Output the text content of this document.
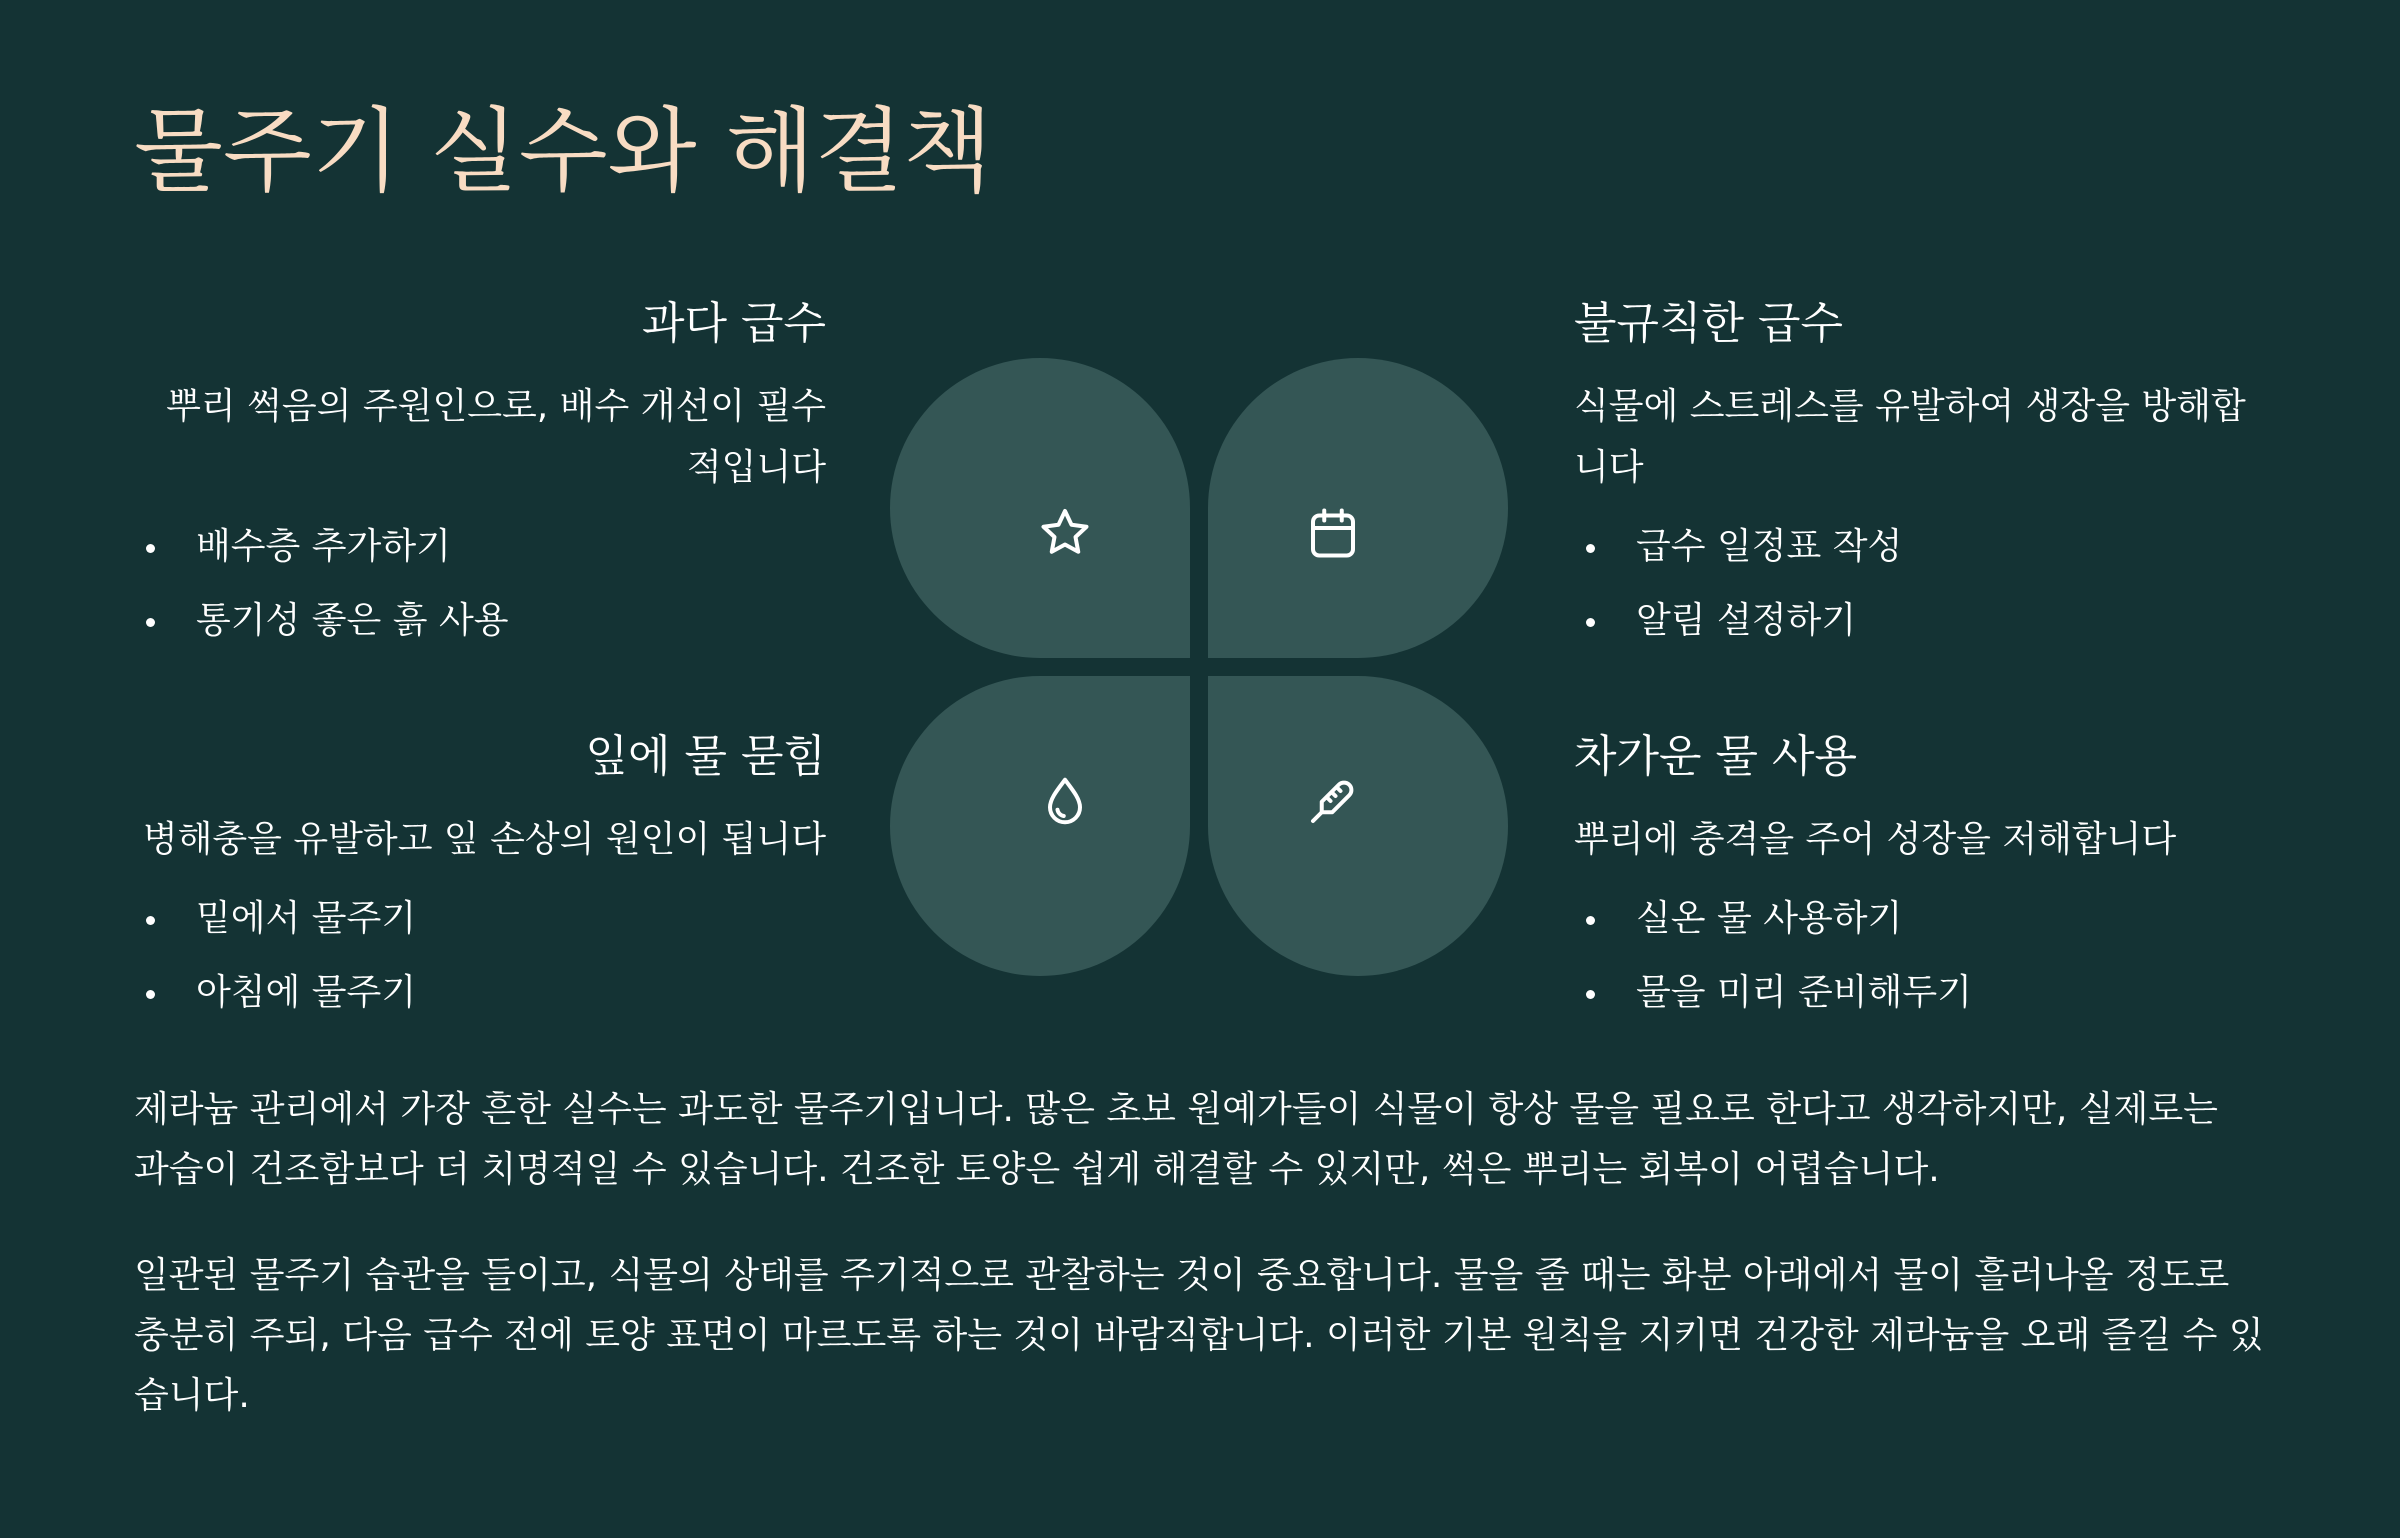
물주기 실수와 해결책
과다 급수

뿌리 썩음의 주원인으로, 배수 개선이 필수적입니다

배수층 추가하기
통기성 좋은 흙 사용
불규칙한 급수

식물에 스트레스를 유발하여 생장을 방해합니다

급수 일정표 작성
알림 설정하기
잎에 물 묻힘

병해충을 유발하고 잎 손상의 원인이 됩니다

밑에서 물주기
아침에 물주기
차가운 물 사용

뿌리에 충격을 주어 성장을 저해합니다

실온 물 사용하기
물을 미리 준비해두기

제라늄 관리에서 가장 흔한 실수는 과도한 물주기입니다. 많은 초보 원예가들이 식물이 항상 물을 필요로 한다고 생각하지만, 실제로는 과습이 건조함보다 더 치명적일 수 있습니다. 건조한 토양은 쉽게 해결할 수 있지만, 썩은 뿌리는 회복이 어렵습니다.

일관된 물주기 습관을 들이고, 식물의 상태를 주기적으로 관찰하는 것이 중요합니다. 물을 줄 때는 화분 아래에서 물이 흘러나올 정도로 충분히 주되, 다음 급수 전에 토양 표면이 마르도록 하는 것이 바람직합니다. 이러한 기본 원칙을 지키면 건강한 제라늄을 오래 즐길 수 있습니다.
